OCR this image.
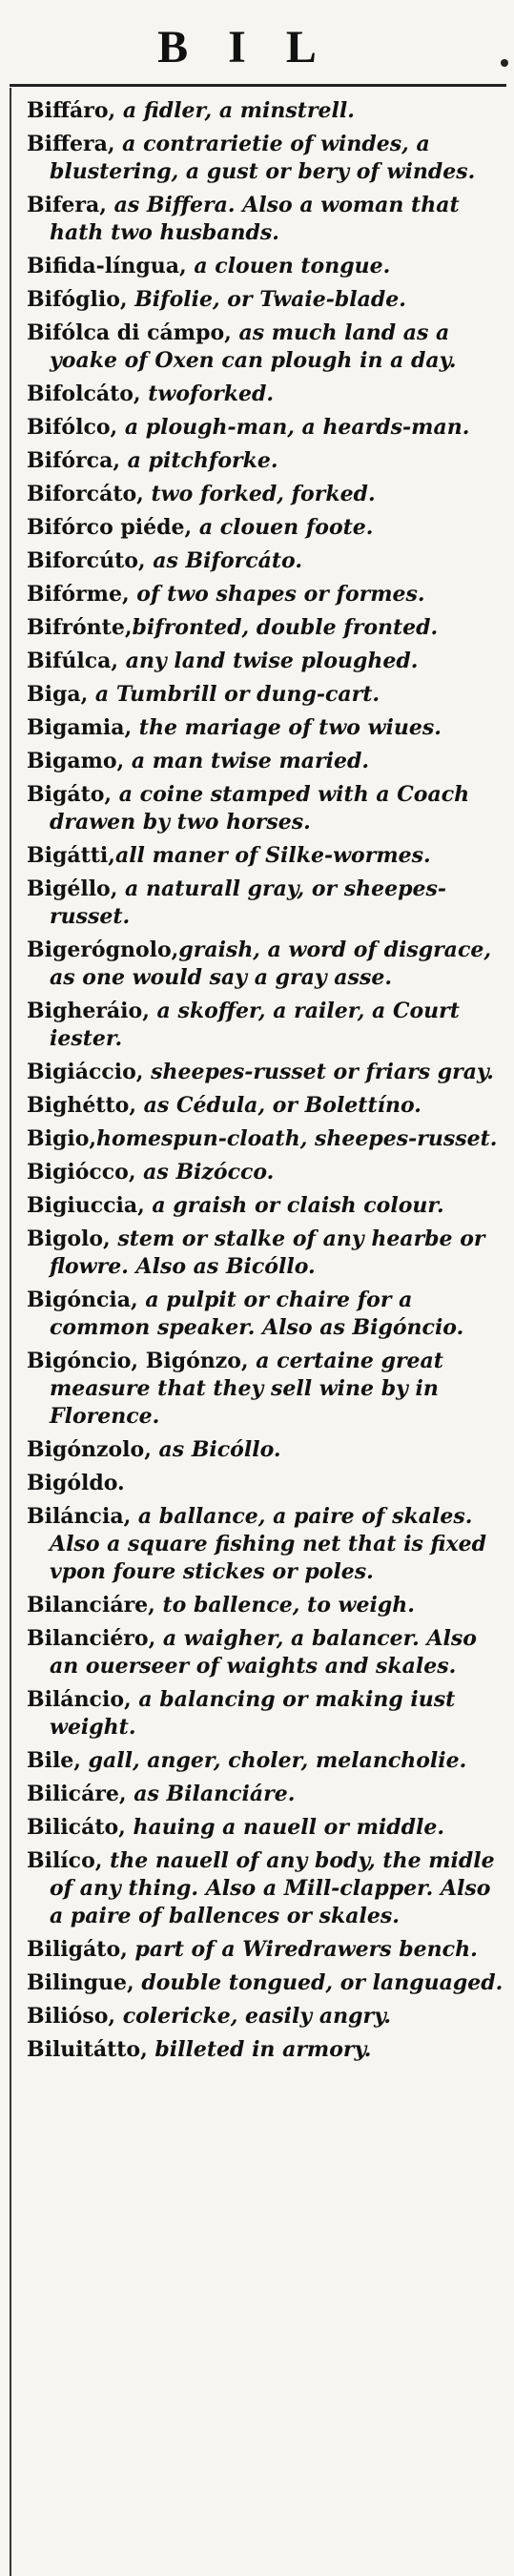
BIL
Biffáro, a fidler, a minstrell.
Biffera, a contrarietie of windes, a blustering, a gust or bery of windes.
Bifera, as Biffera. Also a woman that hath two husbands.
Bifida-língua, a clouen tongue.
Bifóglio, Bifolie, or Twaie-blade.
Bifólca di cámpo, as much land as a yoake of Oxen can plough in a day.
Bifolcáto, twoforked.
Bifólco, a plough-man, a heards-man.
Bifórca, a pitchforke.
Biforcáto, two forked, forked.
Bifórco piéde, a clouen foote.
Biforcúto, as Biforcáto.
Bifórme, of two shapes or formes.
Bifrónte,bifronted, double fronted.
Bifúlca, any land twise ploughed.
Biga, a Tumbrill or dung-cart.
Bigamia, the mariage of two wiues.
Bigamo, a man twise maried.
Bigáto, a coine stamped with a Coach drawen by two horses.
Bigátti,all maner of Silke-wormes.
Bigéllo, a naturall gray, or sheepes-russet.
Bigerógnolo,graish, a word of disgrace, as one would say a gray asse.
Bigheráio, a skoffer, a railer, a Court iester.
Bigiáccio, sheepes-russet or friars gray.
Bighétto, as Cédula, or Bolettíno.
Bigio,homespun-cloath, sheepes-russet.
Bigiócco, as Bizócco.
Bigiuccia, a graish or claish colour.
Bigolo, stem or stalke of any hearbe or flowre. Also as Bicóllo.
Bigóncia, a pulpit or chaire for a common speaker. Also as Bigóncio.
Bigóncio, Bigónzo, a certaine great measure that they sell wine by in Florence.
Bigónzolo, as Bicóllo.
Bigóldo.
Biláncia, a ballance, a paire of skales. Also a square fishing net that is fixed vpon foure stickes or poles.
Bilanciáre, to ballence, to weigh.
Bilanciéro, a waigher, a balancer. Also an ouerseer of waights and skales.
Biláncio, a balancing or making iust weight.
Bile, gall, anger, choler, melancholie.
Bilicáre, as Bilanciáre.
Bilicáto, hauing a nauell or middle.
Bilíco, the nauell of any body, the midle of any thing. Also a Mill-clapper. Also a paire of ballences or skales.
Biligáto, part of a Wiredrawers bench.
Bilingue, double tongued, or languaged.
Biliósо, colericke, easily angry.
Biluitátto, billeted in armory.
